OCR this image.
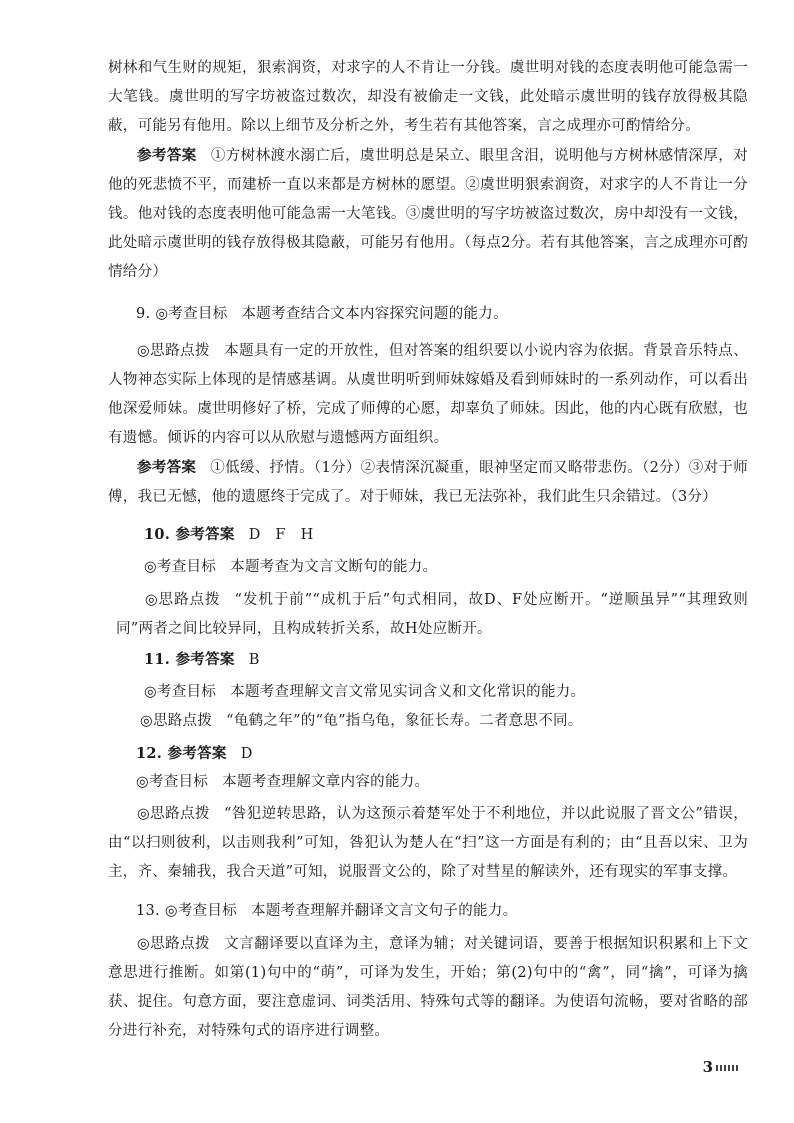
树林和气生财的规矩，狠索润资，对求字的人不肯让一分钱。虞世明对钱的态度表明他可能急需一大笔钱。虞世明的写字坊被盗过数次，却没有被偷走一文钱，此处暗示虞世明的钱存放得极其隐蔽，可能另有他用。除以上细节及分析之外，考生若有其他答案，言之成理亦可酌情给分。

参考答案 ①方树林渡水溺亡后，虞世明总是呆立、眼里含泪，说明他与方树林感情深厚，对他的死悲愤不平，而建桥一直以来都是方树林的愿望。②虞世明狠索润资，对求字的人不肯让一分钱。他对钱的态度表明他可能急需一大笔钱。③虞世明的写字坊被盗过数次，房中却没有一文钱，此处暗示虞世明的钱存放得极其隐蔽，可能另有他用。（每点2分。若有其他答案，言之成理亦可酌情给分）

9. ◎考查目标 本题考查结合文本内容探究问题的能力。

◎思路点拨 本题具有一定的开放性，但对答案的组织要以小说内容为依据。背景音乐特点、人物神态实际上体现的是情感基调。从虞世明听到师妹嫁婚及看到师妹时的一系列动作，可以看出他深爱师妹。虞世明修好了桥，完成了师傅的心愿，却辜负了师妹。因此，他的内心既有欣慰，也有遗憾。倾诉的内容可以从欣慰与遗憾两方面组织。

参考答案 ①低缓、抒情。（1分）②表情深沉凝重，眼神坚定而又略带悲伤。（2分）③对于师傅，我已无憾，他的遗愿终于完成了。对于师妹，我已无法弥补，我们此生只余错过。（3分）

10. 参考答案 D　F　H

◎考查目标 本题考查为文言文断句的能力。

◎思路点拨 “发机于前”“成机于后”句式相同，故D、F处应断开。“逆顺虽异”“其理致则同”两者之间比较异同，且构成转折关系，故H处应断开。

11. 参考答案 B

◎考查目标 本题考查理解文言文常见实词含义和文化常识的能力。

◎思路点拨 “龟鹤之年”的“龟”指乌龟，象征长寿。二者意思不同。

12. 参考答案 D

◎考查目标 本题考查理解文章内容的能力。

◎思路点拨 “咎犯逆转思路，认为这预示着楚军处于不利地位，并以此说服了晋文公”错误，由“以扫则彼利，以击则我利”可知，咎犯认为楚人在“扫”这一方面是有利的；由“且吾以宋、卫为主，齐、秦辅我，我合天道”可知，说服晋文公的，除了对彗星的解读外，还有现实的军事支撑。

13. ◎考查目标 本题考查理解并翻译文言文句子的能力。

◎思路点拨 文言翻译要以直译为主，意译为辅；对关键词语，要善于根据知识积累和上下文意思进行推断。如第(1)句中的“萌”，可译为发生，开始；第(2)句中的“禽”，同“擒”，可译为擒获、捉住。句意方面，要注意虚词、词类活用、特殊句式等的翻译。为使语句流畅，要对省略的部分进行补充，对特殊句式的语序进行调整。

3
